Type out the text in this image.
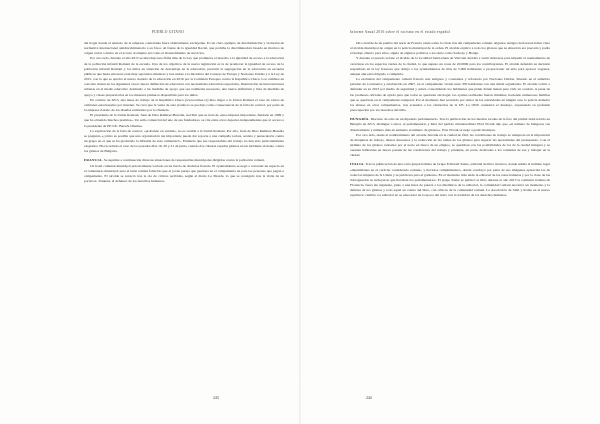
PUEBLO GITANO

del hogar donde el anuncio de la empresa contratante fuera abiertamente excluyente. Es un claro ejemplo de discriminación y violación de normativa internacional antidiscriminatoria a su favor. Al frente de la igualdad Racial, que prohíbe la discriminación basada en motivos de origen racial o étnico en el acceso al empleo así como el abastecimiento de servicios.

Por otro lado, durante el año 2015 se introdujo una firma más de la Ley que promueve el derecho a la igualdad de acceso a la educación de la población infantil Romaní de la escuela. Una de los objetivos de la nueva legislación es la de promover la igualdad de acceso de la población infantil Romaní y los niños en situación de desventaja en la educación, prevenir la segregación en la educación en escuelas públicas que hasta entonces eran muy separados mientras y tras unirse a la iniciativa del Consejo de Europa y Naciones Unidas y a la Ley de 2015, con la que se aprobó el nuevo modelo de la educación en 2016 por la Comisión Europea contra la República Checa. Los cambios en concreto tienen en los siguientes casos: nueva definición de educación con necesidades educativas especiales, financiación de intervenciones urbanas en el medio educativo destinado a las medidas de apoyo que sea realmente necesario, una nueva definición y lista de medidas de apoyo y clases preparatorias en los menores primeros disponibles para los niños.

En octubre de 2015, una mesa de trabajo de la República Checa (www.romea.cz) hizo llegar a la Unión Romaní el caso de varios de camiones estacionados por internet. Se creó que la venta de este producto se produjo como consecuencia de la falta de control, por parte de la empresa Zazzle, de los diseños realizados por la clientela.

El presidente de la Unión Romaní, Juan de Dios Ramírez-Heredia, escribió que se trata de «una empresa importante, fundada en 1999 y que ha obtenido muchos premios». Un sello comercial del uno de sus fundadores, se cita entre otros deportes independientes que al acceso a la presidente de EE.UU. Barack Obama».

La explicación de la falta de control, «probando en verdad», no es creíble a la Unión Romaní. Por ello, Juan de Dios Ramírez-Heredia se pregunta «¿cómo es posible que una organización tan importante pueda dar soporte a una campaña racista, sexista y persecutoria contra un grupo en el que se ha producido la difusión de esas camisetas?». Entiendo que sus responsables del trabajo no han sido particularmente elogiados. Ha recordado el caso de los pasados días 16, 20 y 21 de junio, cuando dos cabezas rapadas gitanos en un incidente violento contra los gitanos de Bulgaria.

FRANCIA. Se suprime a continuación diversas situaciones de responsables municipales dirigidas contra la población romaní.

Un hotel comunal municipal prácticamente vaciado en un barrio de chabolas francés. El ayuntamiento se negó a conceder un espacio en el cementerio municipal para el bebé romaní fallecido que el joven pareja que gestiona en el campamento en para las personas que pagan a campamento. El alcalde se retractó tras la ola de críticas recibidas, según el diario Le Monde, lo que se consiguió tras la visita de un portavoz. Tonkens, el defensor de los derechos humanos.

243
Informe Anual 2016 sobre el racismo en el estado español

Otro alcalde de un pueblo del norte de Francia venía sobre la crisis tras del campamento romaní. Algunos testigos declararon haber visto al alcalde municipal de origen en la policía municipal de la orden. El alcalde explicó a todo los gitanos que su situación era precaria y podía el tiempo abierto para ellos, siguió de algunos políticos a los tanto como Sarkozy y Hodge.

Y durante el pasado verano el alcalde de la localidad Saint-Ouen de Vilovain decidió a vestir máscaras para impedir el asentamiento de caravanas en los espacios verdes de la ciudad, lo que supuso un coste de 20.000€ para los contribuyentes. El alcalde defendió su decisión respaldado en la ley francesa que obliga a los ayuntamientos de más de 5.000 habitantes a proporcionar un sitio para aparcar vagones, aunque aún está obligado a cumplirla.

La exclusión del campamento romaní francés seis antiguos y constantes y reforzado por Naciones Unidas. Situado en el suburbio parisino de Courneuve y establecido en 2007, en el campamento vivían unas 350 habitantes con una mitad organizada. El alcalde volvió a defender en su 2013 por medio de seguridad y salud, consolidando los habitantes que piden dónde tienen para vivir en ocasión. A pesar de las promesas oficiales de ayuda para que todos se quedaran sin hogar, las ayudas realizadas fueron mínimas, haciendo numerosas familias que se quedaron en el campamento temporal. Por el momento han recurrido por temor de las autoridades en ningún caso la policía demolió los abusos en otros campamentos, tras acusados a los obstáculos de la UE. La ONU considera el desalojo, expresando su profunda preocupación por los derechos del niño.

HUNGRÍA. Discurso de odio de un diputado parlamentario. Tras la publicación de los medios locales de la foto del primer bebé nacido en Hungría en 2015, distingue a tenor, al parlamentario y líder del partido ultraderechista Előd Novák dijo que «el número de húngaros cae drásticamente y número más en aumento el número de gitanos». Este Novák se negó a pedir disculpas.

Por otro lado, desde el nombramiento del alcalde Jancsák en la ciudad de Ózd, las condiciones de trabajo se redujeron en la imposición de máquinas de trabajo, menos descansos y la reducción de las ramas de los gitanos para superar las necesidades del presupuesto. Con el término de los gitanos rodeados por el norte en busca de un empleo, se quedaban con las posibilidades de los de la ciudad húngara y se cuentan habitantes en nueva pasada de las condiciones del trabajo y prudente, en parte, dedicadas a los romaníes de ese y trabajar en la ciudad.

ITALIA. Tras la publicación de una carta grupal italiana de Grupo Editorial Sáenz, editorial de libro técnicos, donde señala el término legal «musulmanes en el carácter considerado romaní» y llevados cumplimientos, donde concluyó por parte de sus imágenes aparecían las de todas las mujeres de la Unión y se publicara para el gobierno. En el momento más tarde la editorial de las razas italianas y por la clase de las Salvaguardas se incluyeron que llevaban los parlamentarios. El grupo Sáenz se publicó el libro durante el año 2013 la comisión italiana de Florencia, fuera sin siguiente, junto a una línea de pureza a los miembros de la editorial, la comunidad romaní encontró un momento y la defensa de los gitanos y todo aquel en contra del libro, con críticas de la comunidad romaní. La Asociación de Sinti y Roma en el nuevo espíritu lo cambió. La editorial no se emocionó en la época del texto con la tradición de los derechos humanos.

244
